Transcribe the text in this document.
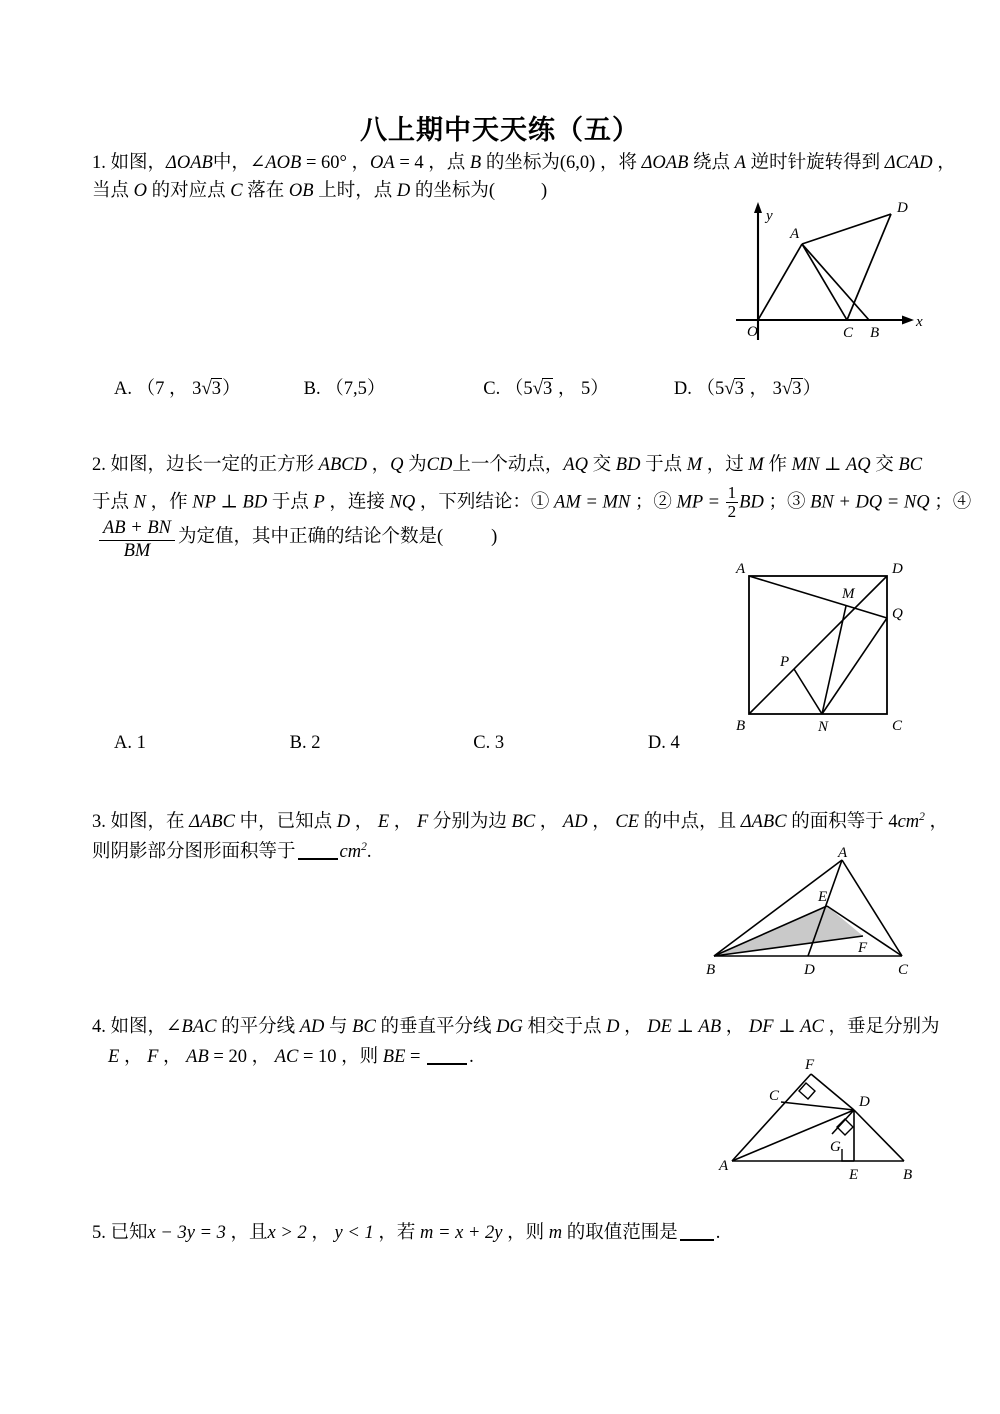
八上期中天天练（五）
1. 如图，ΔOAB中，∠AOB = 60° ，OA = 4 ，点 B 的坐标为(6,0) ，将 ΔOAB 绕点 A 逆时针旋转得到 ΔCAD ，
当点 O 的对应点 C 落在 OB 上时，点 D 的坐标为( )
A
D
O	C B
x
y
A. （7 ， 3√3）	B. （7,5）	C. （5√3 ， 5）	D. （5√3 ， 3√3）
2. 如图，边长一定的正方形 ABCD ，Q 为CD上一个动点，AQ 交 BD 于点 M ，过 M 作 MN ⊥ AQ 交 BC
于点 N ，作 NP ⊥ BD 于点 P ，连接 NQ ，下列结论：① AM = MN ；② MP = $\frac{1}{2}$ BD ；③ BN + DQ = NQ ；④
$\frac{AB + BN}{BM}$ 为定值，其中正确的结论个数是(	)
A	D
B	C
M
Q
P
N
A. 1	B. 2	C. 3	D. 4
3. 如图，在 ΔABC 中，已知点 D ， E ， F 分别为边 BC ， AD ， CE 的中点，且 ΔABC 的面积等于 $4cm^2$ ，
则阴影部分图形面积等于 $cm^2$.	A
B	C
D
E
F
4. 如图，∠BAC 的平分线 AD 与 BC 的垂直平分线 DG 相交于点 D ， DE ⊥ AB ， DF ⊥ AC ，垂足分别为
E ， F ， AB = 20 ， AC = 10 ，则 BE = .
A
B
C	D
E
F
G
5. 已知x − 3y = 3 ，且x > 2 ， y < 1 ，若 m = x + 2y ，则 m 的取值范围是 .
